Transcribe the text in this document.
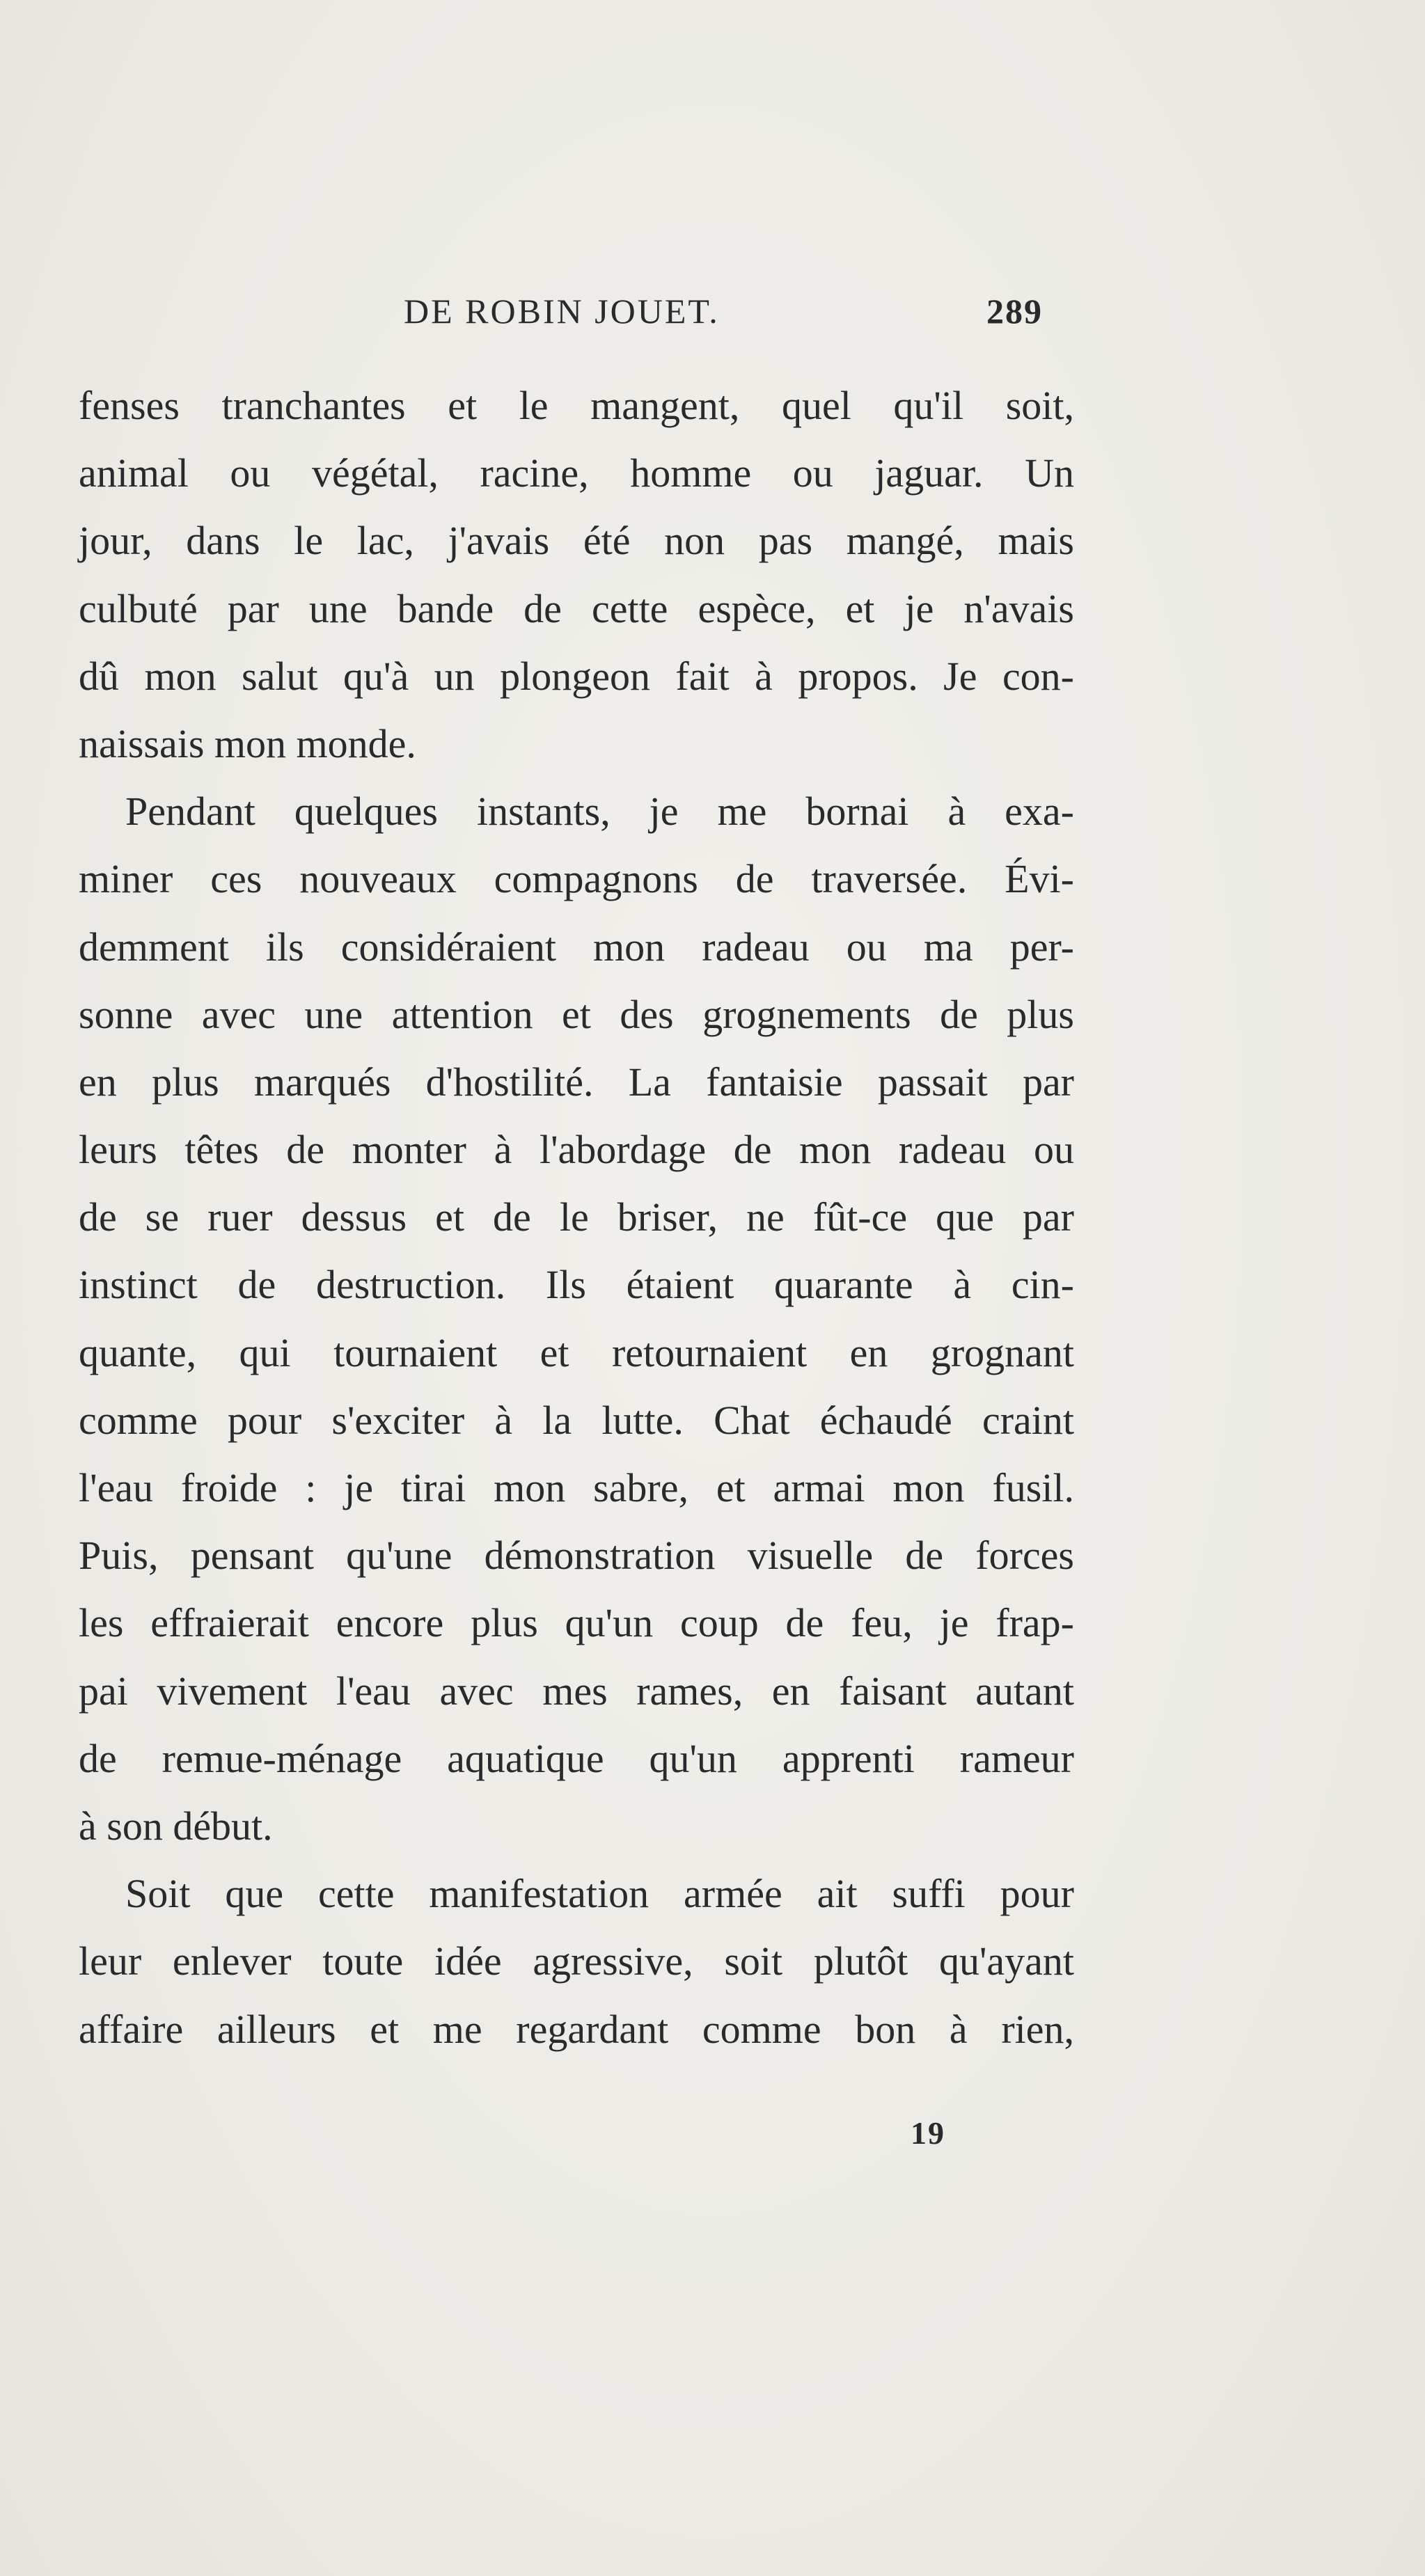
DE ROBIN JOUET.	289
fenses tranchantes et le mangent, quel qu'il soit,
animal ou végétal, racine, homme ou jaguar. Un
jour, dans le lac, j'avais été non pas mangé, mais
culbuté par une bande de cette espèce, et je n'avais
dû mon salut qu'à un plongeon fait à propos. Je con-
naissais mon monde.
Pendant quelques instants, je me bornai à exa-
miner ces nouveaux compagnons de traversée. Évi-
demment ils considéraient mon radeau ou ma per-
sonne avec une attention et des grognements de plus
en plus marqués d'hostilité. La fantaisie passait par
leurs têtes de monter à l'abordage de mon radeau ou
de se ruer dessus et de le briser, ne fût-ce que par
instinct de destruction. Ils étaient quarante à cin-
quante, qui tournaient et retournaient en grognant
comme pour s'exciter à la lutte. Chat échaudé craint
l'eau froide : je tirai mon sabre, et armai mon fusil.
Puis, pensant qu'une démonstration visuelle de forces
les effraierait encore plus qu'un coup de feu, je frap-
pai vivement l'eau avec mes rames, en faisant autant
de remue-ménage aquatique qu'un apprenti rameur
à son début.
Soit que cette manifestation armée ait suffi pour
leur enlever toute idée agressive, soit plutôt qu'ayant
affaire ailleurs et me regardant comme bon à rien,
19
